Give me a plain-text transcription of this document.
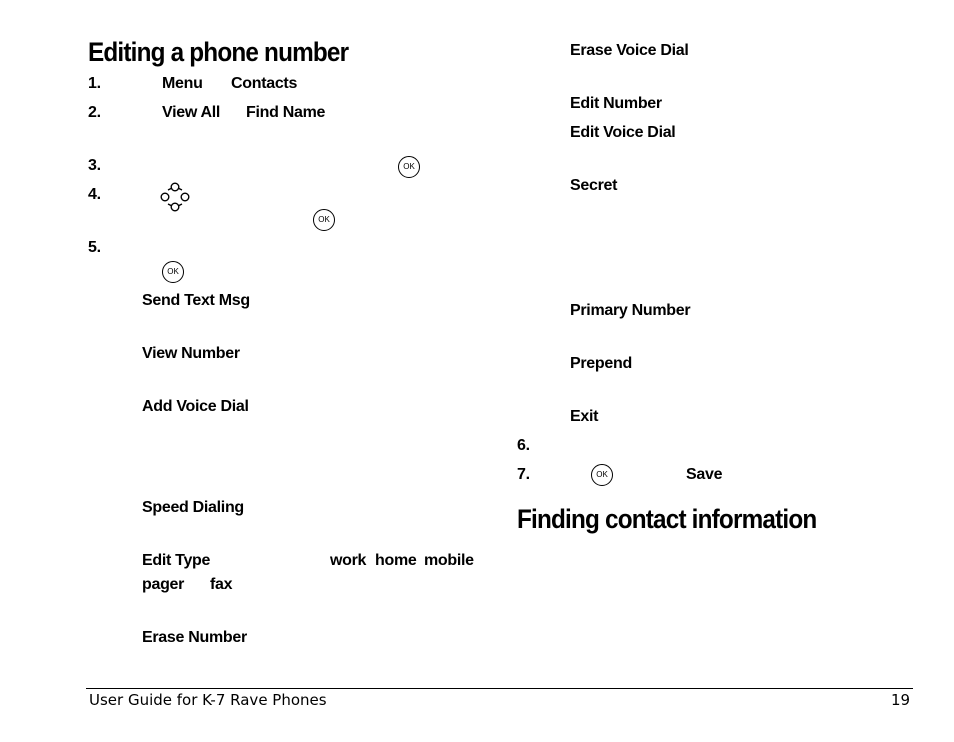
Editing a phone number
1.	Menu Contacts
2.	View All Find Name
3.	OK
4.
OK
5.
OK
Send Text Msg
View Number
Add Voice Dial
Speed Dialing
Edit Type	work home mobile
pager fax
Erase Number
Erase Voice Dial
Edit Number
Edit Voice Dial
Secret
Primary Number
Prepend
Exit
6.
7.	OK	Save
Finding contact information
User Guide for K-7 Rave Phones	19
